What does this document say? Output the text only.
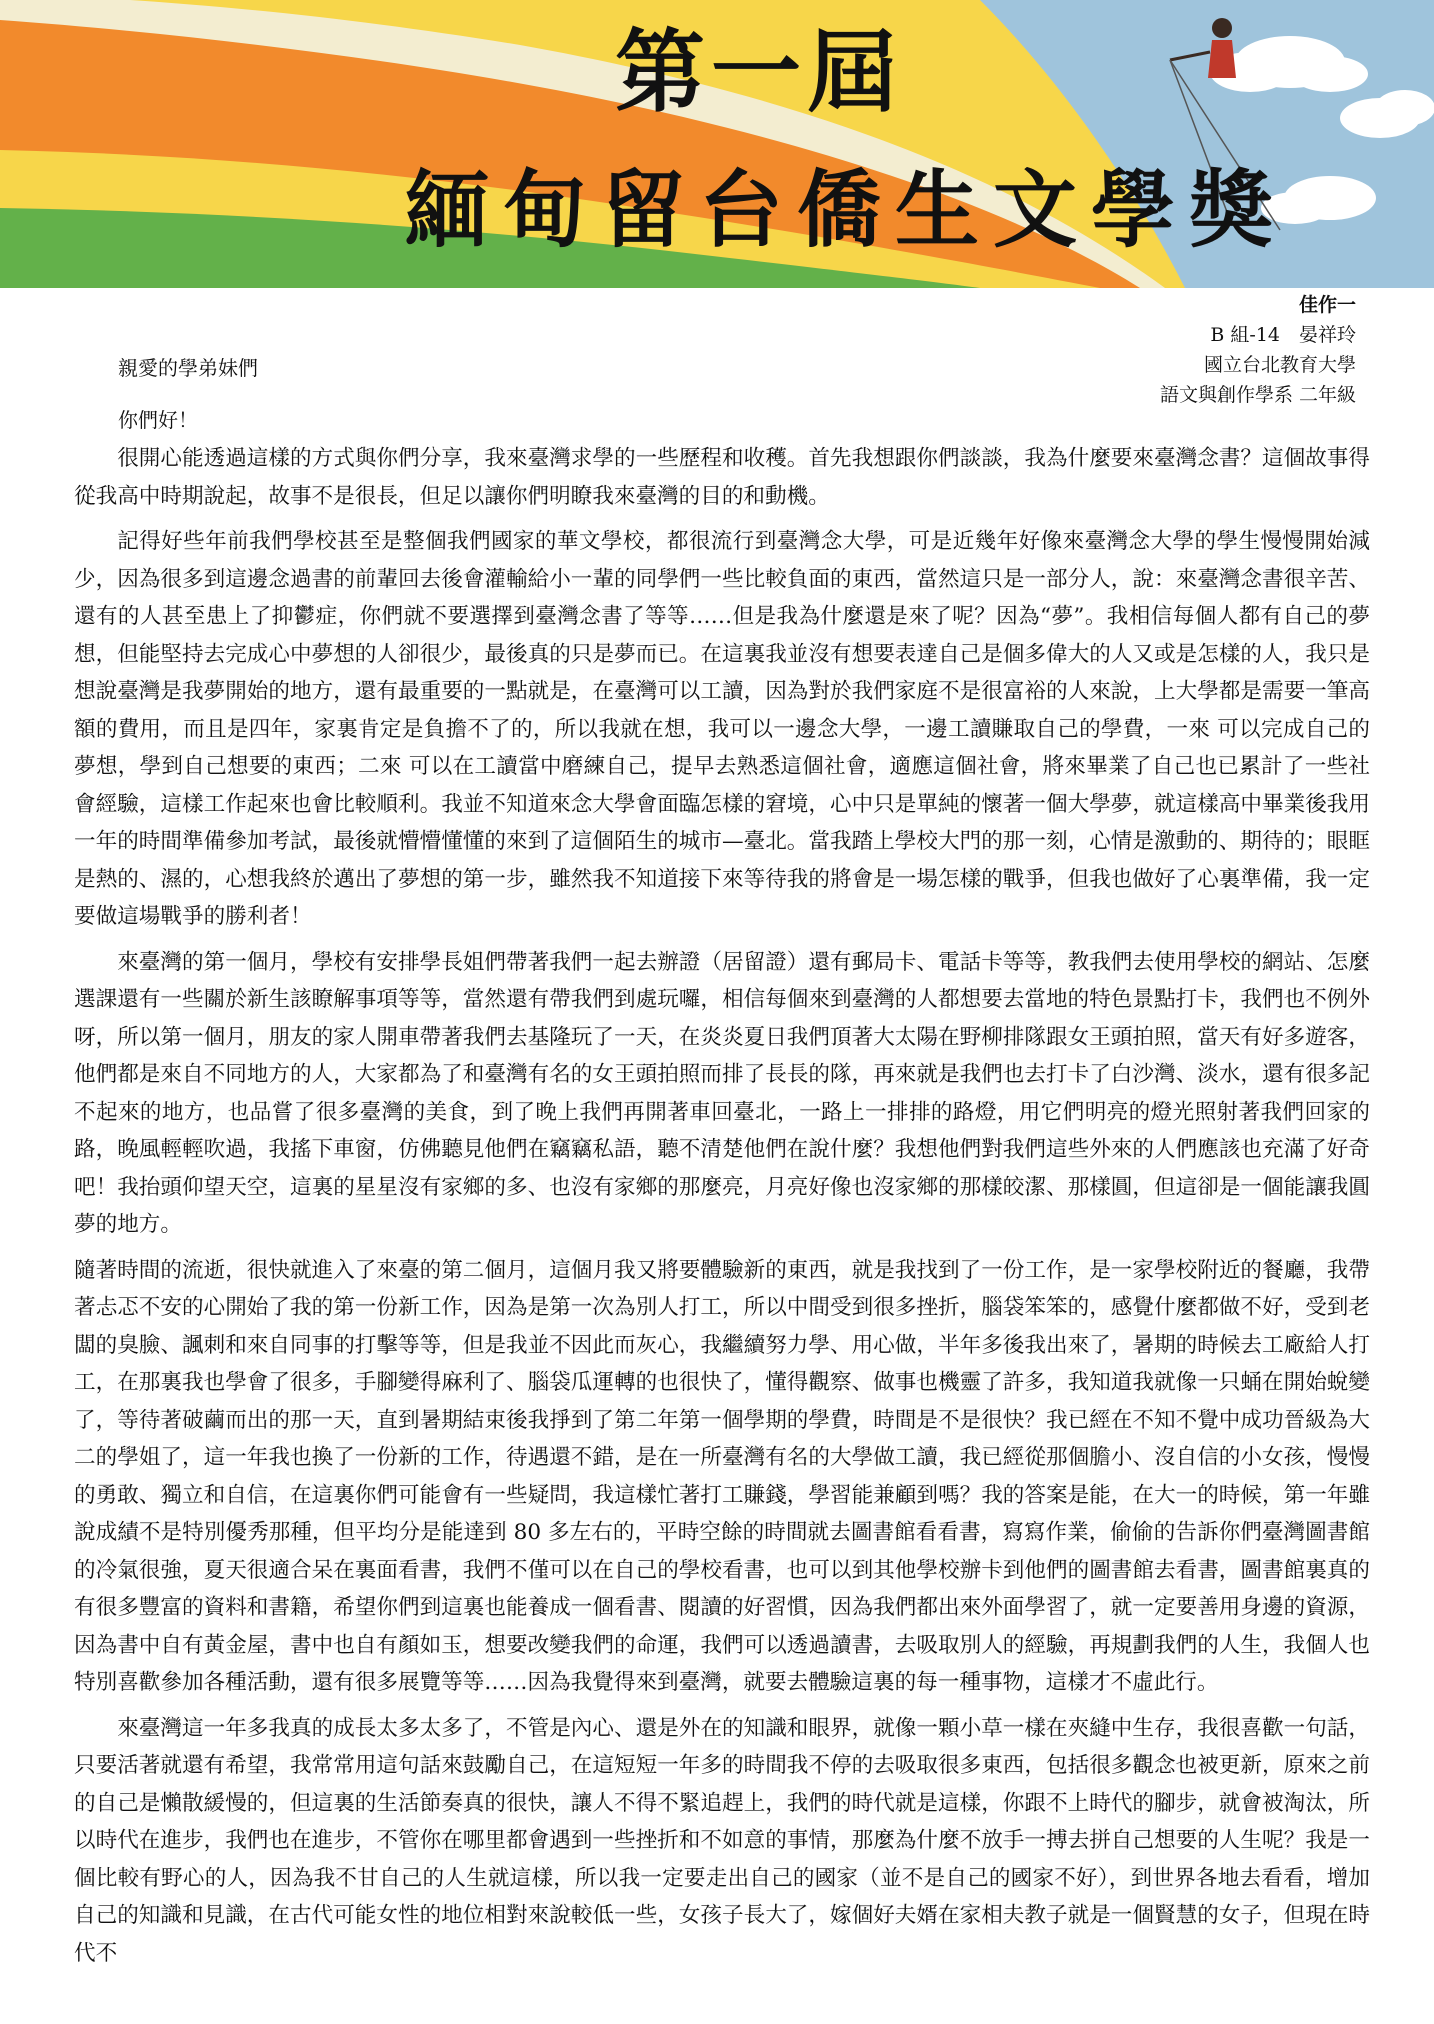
第一屆
緬甸留台僑生文學獎
佳作一
B 組-14　晏祥玲
國立台北教育大學
語文與創作學系 二年級
親愛的學弟妹們
你們好！

很開心能透過這樣的方式與你們分享，我來臺灣求學的一些歷程和收穫。首先我想跟你們談談，我為什麼要來臺灣念書？這個故事得從我高中時期說起，故事不是很長，但足以讓你們明瞭我來臺灣的目的和動機。

記得好些年前我們學校甚至是整個我們國家的華文學校，都很流行到臺灣念大學，可是近幾年好像來臺灣念大學的學生慢慢開始減少，因為很多到這邊念過書的前輩回去後會灌輸給小一輩的同學們一些比較負面的東西，當然這只是一部分人，說：來臺灣念書很辛苦、還有的人甚至患上了抑鬱症，你們就不要選擇到臺灣念書了等等……但是我為什麼還是來了呢？因為“夢”。我相信每個人都有自己的夢想，但能堅持去完成心中夢想的人卻很少，最後真的只是夢而已。在這裏我並沒有想要表達自己是個多偉大的人又或是怎樣的人，我只是想說臺灣是我夢開始的地方，還有最重要的一點就是，在臺灣可以工讀，因為對於我們家庭不是很富裕的人來說，上大學都是需要一筆高額的費用，而且是四年，家裏肯定是負擔不了的，所以我就在想，我可以一邊念大學，一邊工讀賺取自己的學費，一來 可以完成自己的夢想，學到自己想要的東西；二來 可以在工讀當中磨練自己，提早去熟悉這個社會，適應這個社會，將來畢業了自己也已累計了一些社會經驗，這樣工作起來也會比較順利。我並不知道來念大學會面臨怎樣的窘境，心中只是單純的懷著一個大學夢，就這樣高中畢業後我用一年的時間準備參加考試，最後就懵懵懂懂的來到了這個陌生的城市—臺北。當我踏上學校大門的那一刻，心情是激動的、期待的；眼眶是熱的、濕的，心想我終於邁出了夢想的第一步，雖然我不知道接下來等待我的將會是一場怎樣的戰爭，但我也做好了心裏準備，我一定要做這場戰爭的勝利者！

來臺灣的第一個月，學校有安排學長姐們帶著我們一起去辦證（居留證）還有郵局卡、電話卡等等，教我們去使用學校的網站、怎麼選課還有一些關於新生該瞭解事項等等，當然還有帶我們到處玩囉，相信每個來到臺灣的人都想要去當地的特色景點打卡，我們也不例外呀，所以第一個月，朋友的家人開車帶著我們去基隆玩了一天，在炎炎夏日我們頂著大太陽在野柳排隊跟女王頭拍照，當天有好多遊客，他們都是來自不同地方的人，大家都為了和臺灣有名的女王頭拍照而排了長長的隊，再來就是我們也去打卡了白沙灣、淡水，還有很多記不起來的地方，也品嘗了很多臺灣的美食，到了晚上我們再開著車回臺北，一路上一排排的路燈，用它們明亮的燈光照射著我們回家的路，晚風輕輕吹過，我搖下車窗，仿佛聽見他們在竊竊私語，聽不清楚他們在說什麼？我想他們對我們這些外來的人們應該也充滿了好奇吧！我抬頭仰望天空，這裏的星星沒有家鄉的多、也沒有家鄉的那麼亮，月亮好像也沒家鄉的那樣皎潔、那樣圓，但這卻是一個能讓我圓夢的地方。

隨著時間的流逝，很快就進入了來臺的第二個月，這個月我又將要體驗新的東西，就是我找到了一份工作，是一家學校附近的餐廳，我帶著忐忑不安的心開始了我的第一份新工作，因為是第一次為別人打工，所以中間受到很多挫折，腦袋笨笨的，感覺什麼都做不好，受到老闆的臭臉、諷刺和來自同事的打擊等等，但是我並不因此而灰心，我繼續努力學、用心做，半年多後我出來了，暑期的時候去工廠給人打工，在那裏我也學會了很多，手腳變得麻利了、腦袋瓜運轉的也很快了，懂得觀察、做事也機靈了許多，我知道我就像一只蛹在開始蛻變了，等待著破繭而出的那一天，直到暑期結束後我掙到了第二年第一個學期的學費，時間是不是很快？我已經在不知不覺中成功晉級為大二的學姐了，這一年我也換了一份新的工作，待遇還不錯，是在一所臺灣有名的大學做工讀，我已經從那個膽小、沒自信的小女孩，慢慢的勇敢、獨立和自信，在這裏你們可能會有一些疑問，我這樣忙著打工賺錢，學習能兼顧到嗎？我的答案是能，在大一的時候，第一年雖說成績不是特別優秀那種，但平均分是能達到 80 多左右的，平時空餘的時間就去圖書館看看書，寫寫作業，偷偷的告訴你們臺灣圖書館的冷氣很強，夏天很適合呆在裏面看書，我們不僅可以在自己的學校看書，也可以到其他學校辦卡到他們的圖書館去看書，圖書館裏真的有很多豐富的資料和書籍，希望你們到這裏也能養成一個看書、閱讀的好習慣，因為我們都出來外面學習了，就一定要善用身邊的資源，因為書中自有黃金屋，書中也自有顏如玉，想要改變我們的命運，我們可以透過讀書，去吸取別人的經驗，再規劃我們的人生，我個人也特別喜歡參加各種活動，還有很多展覽等等……因為我覺得來到臺灣，就要去體驗這裏的每一種事物，這樣才不虛此行。

來臺灣這一年多我真的成長太多太多了，不管是內心、還是外在的知識和眼界，就像一顆小草一樣在夾縫中生存，我很喜歡一句話，只要活著就還有希望，我常常用這句話來鼓勵自己，在這短短一年多的時間我不停的去吸取很多東西，包括很多觀念也被更新，原來之前的自己是懶散緩慢的，但這裏的生活節奏真的很快，讓人不得不緊追趕上，我們的時代就是這樣，你跟不上時代的腳步，就會被淘汰，所以時代在進步，我們也在進步，不管你在哪里都會遇到一些挫折和不如意的事情，那麼為什麼不放手一搏去拼自己想要的人生呢？我是一個比較有野心的人，因為我不甘自己的人生就這樣，所以我一定要走出自己的國家（並不是自己的國家不好），到世界各地去看看，增加自己的知識和見識，在古代可能女性的地位相對來說較低一些，女孩子長大了，嫁個好夫婿在家相夫教子就是一個賢慧的女子，但現在時代不
